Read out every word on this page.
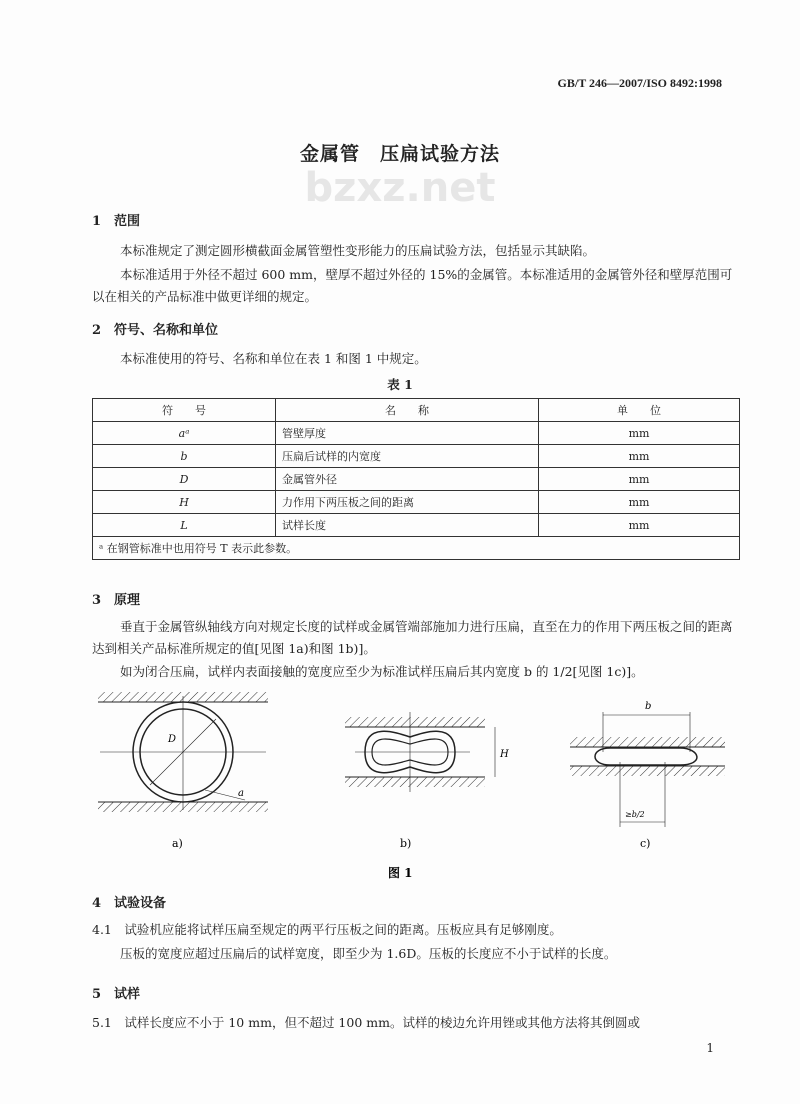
bzxz.net
GB/T 246—2007/ISO 8492:1998
金属管　压扁试验方法
1　范围
本标准规定了测定圆形横截面金属管塑性变形能力的压扁试验方法，包括显示其缺陷。
本标准适用于外径不超过 600 mm，壁厚不超过外径的 15%的金属管。本标准适用的金属管外径和壁厚范围可以在相关的产品标准中做更详细的规定。
2　符号、名称和单位
本标准使用的符号、名称和单位在表 1 和图 1 中规定。
表 1
符　　号	名　　称	单　　位
aᵃ	管壁厚度	mm
b	压扁后试样的内宽度	mm
D	金属管外径	mm
H	力作用下两压板之间的距离	mm
L	试样长度	mm
ᵃ 在钢管标准中也用符号 T 表示此参数。		
3　原理
垂直于金属管纵轴线方向对规定长度的试样或金属管端部施加力进行压扁，直至在力的作用下两压板之间的距离达到相关产品标准所规定的值[见图 1a)和图 1b)]。
如为闭合压扁，试样内表面接触的宽度应至少为标准试样压扁后其内宽度 b 的 1/2[见图 1c)]。
D
a
H
b
≥b/2
a)	b)	c)
图 1
4　试验设备
4.1　试验机应能将试样压扁至规定的两平行压板之间的距离。压板应具有足够刚度。
压板的宽度应超过压扁后的试样宽度，即至少为 1.6D。压板的长度应不小于试样的长度。
5　试样
5.1　试样长度应不小于 10 mm，但不超过 100 mm。试样的棱边允许用锉或其他方法将其倒圆或
1
